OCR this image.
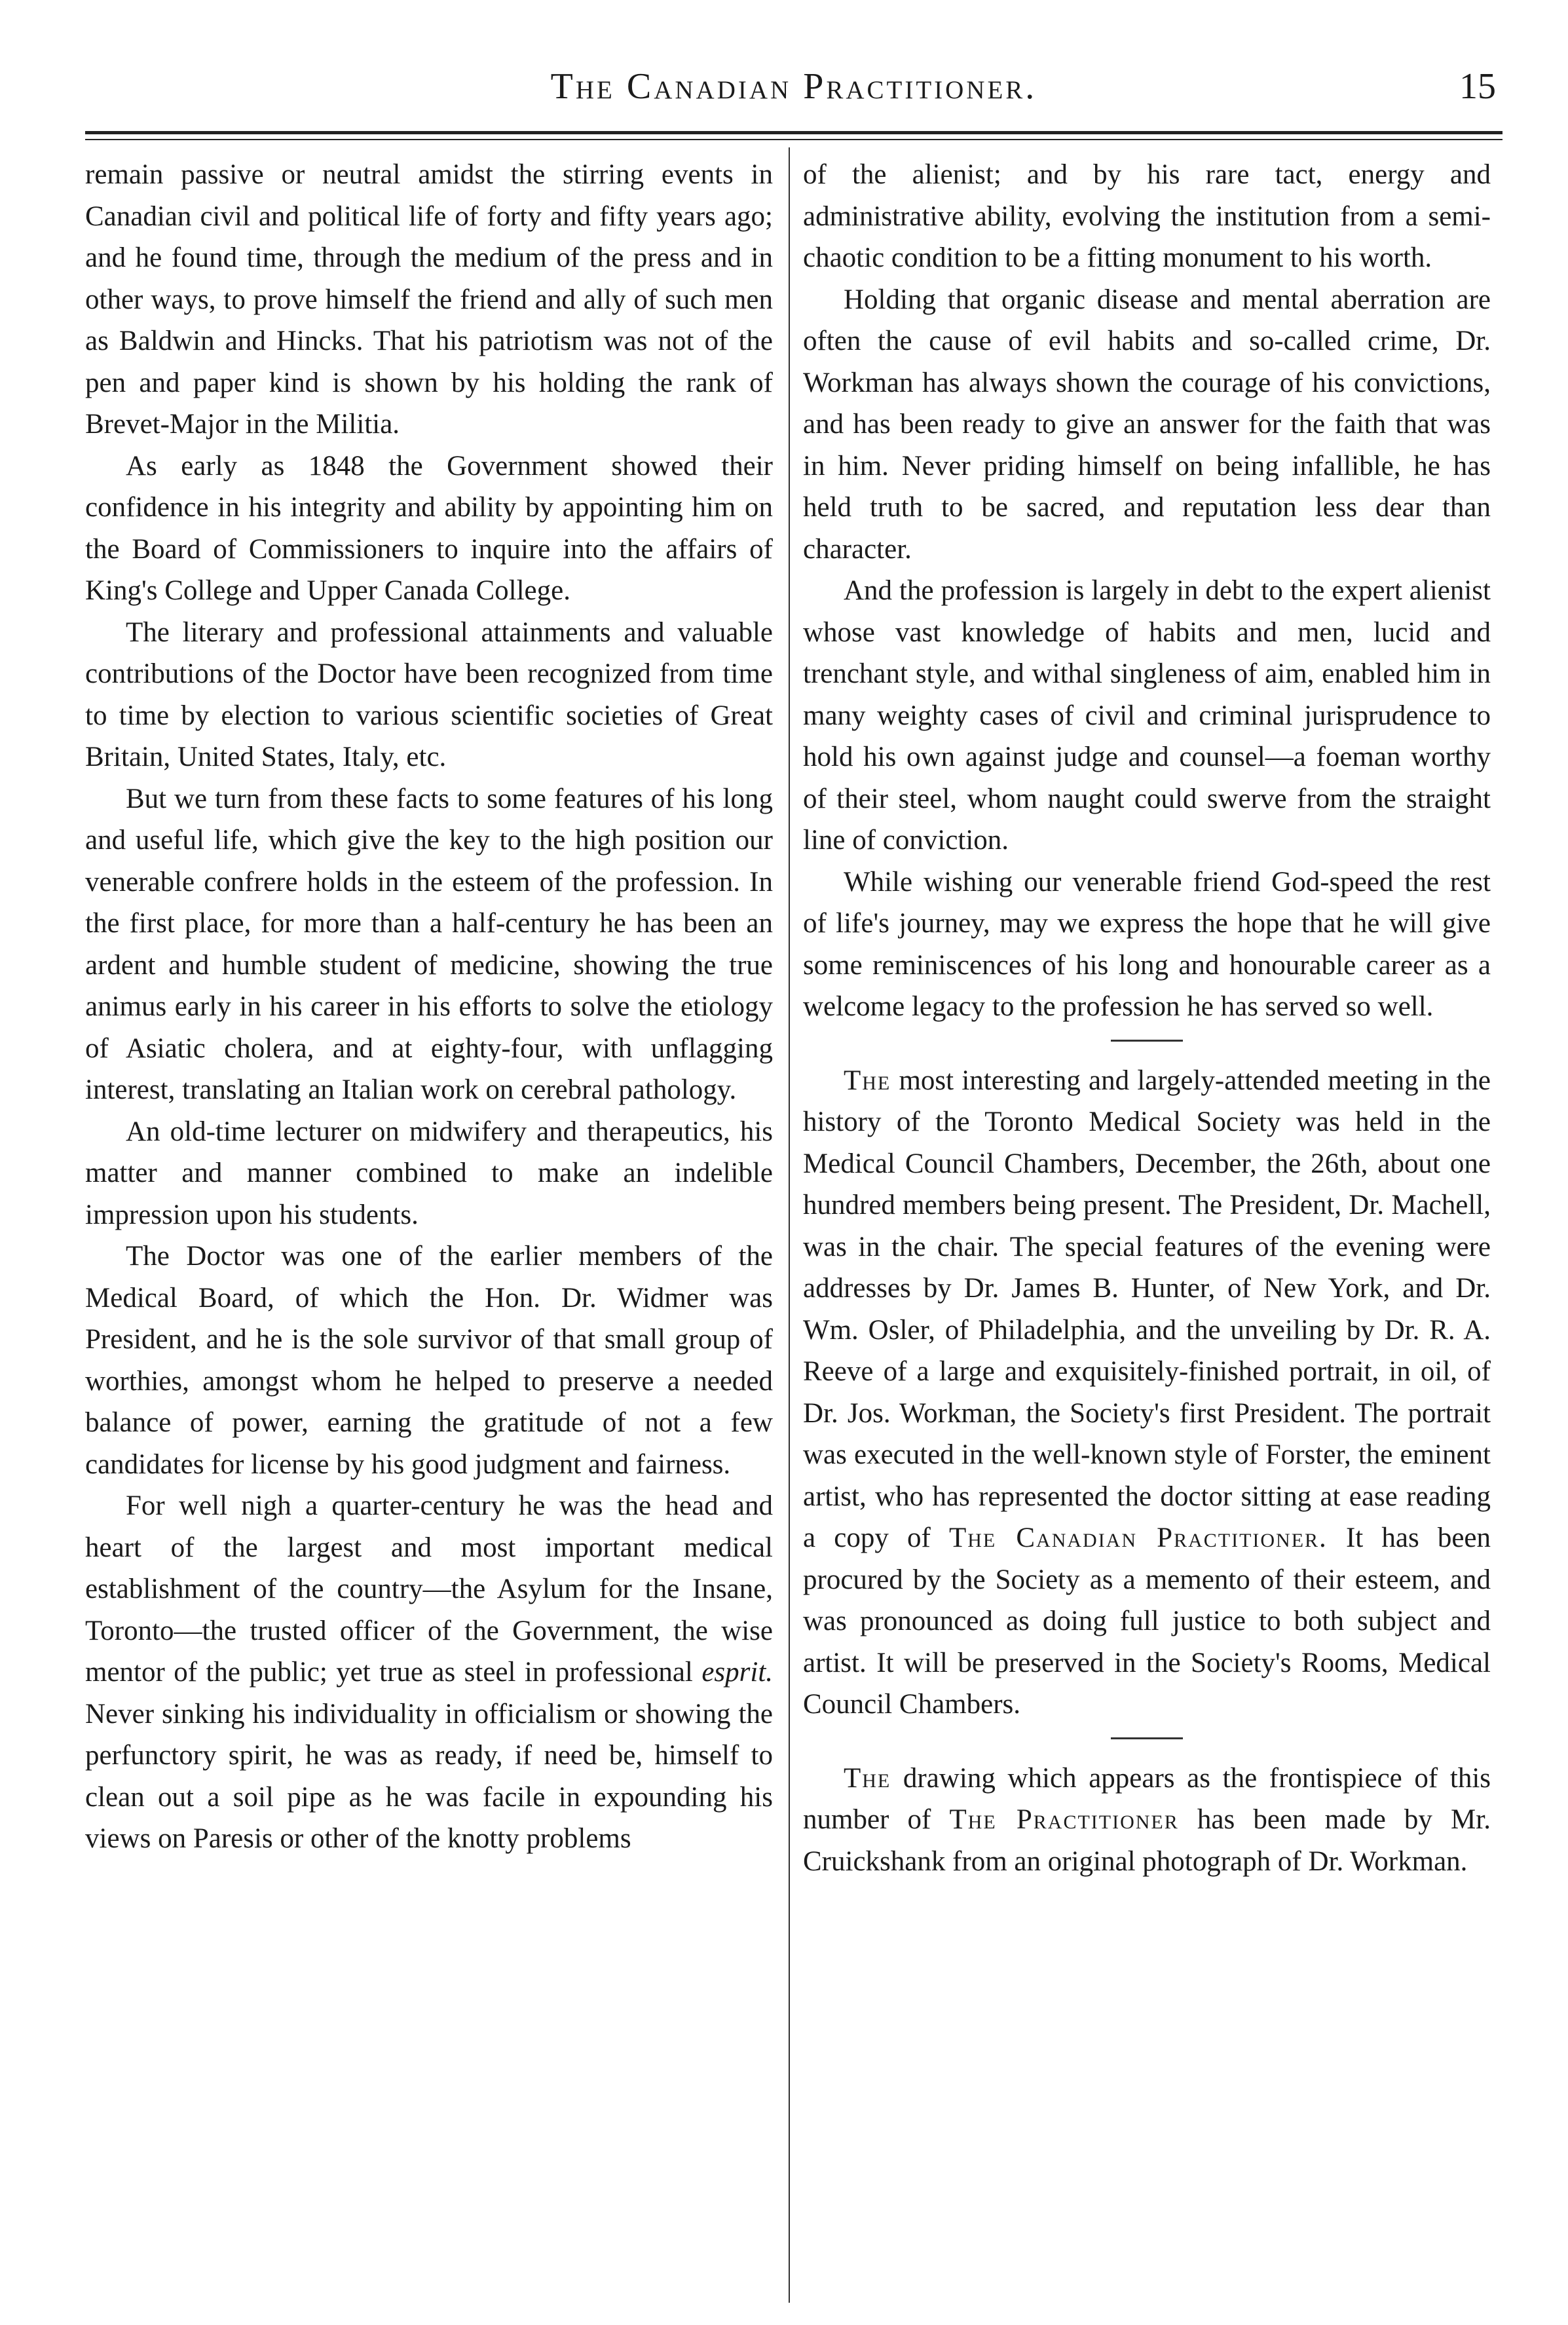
The Canadian Practitioner.	15

remain passive or neutral amidst the stirring events in Canadian civil and political life of forty and fifty years ago; and he found time, through the medium of the press and in other ways, to prove himself the friend and ally of such men as Baldwin and Hincks. That his patriotism was not of the pen and paper kind is shown by his holding the rank of Brevet-Major in the Militia.

As early as 1848 the Government showed their confidence in his integrity and ability by appointing him on the Board of Commissioners to inquire into the affairs of King's College and Upper Canada College.

The literary and professional attainments and valuable contributions of the Doctor have been recognized from time to time by election to various scientific societies of Great Britain, United States, Italy, etc.

But we turn from these facts to some features of his long and useful life, which give the key to the high position our venerable confrere holds in the esteem of the profession. In the first place, for more than a half-century he has been an ardent and humble student of medicine, showing the true animus early in his career in his efforts to solve the etiology of Asiatic cholera, and at eighty-four, with unflagging interest, translating an Italian work on cerebral pathology.

An old-time lecturer on midwifery and therapeutics, his matter and manner combined to make an indelible impression upon his students.

The Doctor was one of the earlier members of the Medical Board, of which the Hon. Dr. Widmer was President, and he is the sole survivor of that small group of worthies, amongst whom he helped to preserve a needed balance of power, earning the gratitude of not a few candidates for license by his good judgment and fairness.

For well nigh a quarter-century he was the head and heart of the largest and most important medical establishment of the country—the Asylum for the Insane, Toronto—the trusted officer of the Government, the wise mentor of the public; yet true as steel in professional esprit. Never sinking his individuality in officialism or showing the perfunctory spirit, he was as ready, if need be, himself to clean out a soil pipe as he was facile in expounding his views on Paresis or other of the knotty problems

of the alienist; and by his rare tact, energy and administrative ability, evolving the institution from a semi-chaotic condition to be a fitting monument to his worth.

Holding that organic disease and mental aberration are often the cause of evil habits and so-called crime, Dr. Workman has always shown the courage of his convictions, and has been ready to give an answer for the faith that was in him. Never priding himself on being infallible, he has held truth to be sacred, and reputation less dear than character.

And the profession is largely in debt to the expert alienist whose vast knowledge of habits and men, lucid and trenchant style, and withal singleness of aim, enabled him in many weighty cases of civil and criminal jurisprudence to hold his own against judge and counsel—a foeman worthy of their steel, whom naught could swerve from the straight line of conviction.

While wishing our venerable friend God-speed the rest of life's journey, may we express the hope that he will give some reminiscences of his long and honourable career as a welcome legacy to the profession he has served so well.

The most interesting and largely-attended meeting in the history of the Toronto Medical Society was held in the Medical Council Chambers, December, the 26th, about one hundred members being present. The President, Dr. Machell, was in the chair. The special features of the evening were addresses by Dr. James B. Hunter, of New York, and Dr. Wm. Osler, of Philadelphia, and the unveiling by Dr. R. A. Reeve of a large and exquisitely-finished portrait, in oil, of Dr. Jos. Workman, the Society's first President. The portrait was executed in the well-known style of Forster, the eminent artist, who has represented the doctor sitting at ease reading a copy of The Canadian Practitioner. It has been procured by the Society as a memento of their esteem, and was pronounced as doing full justice to both subject and artist. It will be preserved in the Society's Rooms, Medical Council Chambers.

The drawing which appears as the frontispiece of this number of The Practitioner has been made by Mr. Cruickshank from an original photograph of Dr. Workman.
